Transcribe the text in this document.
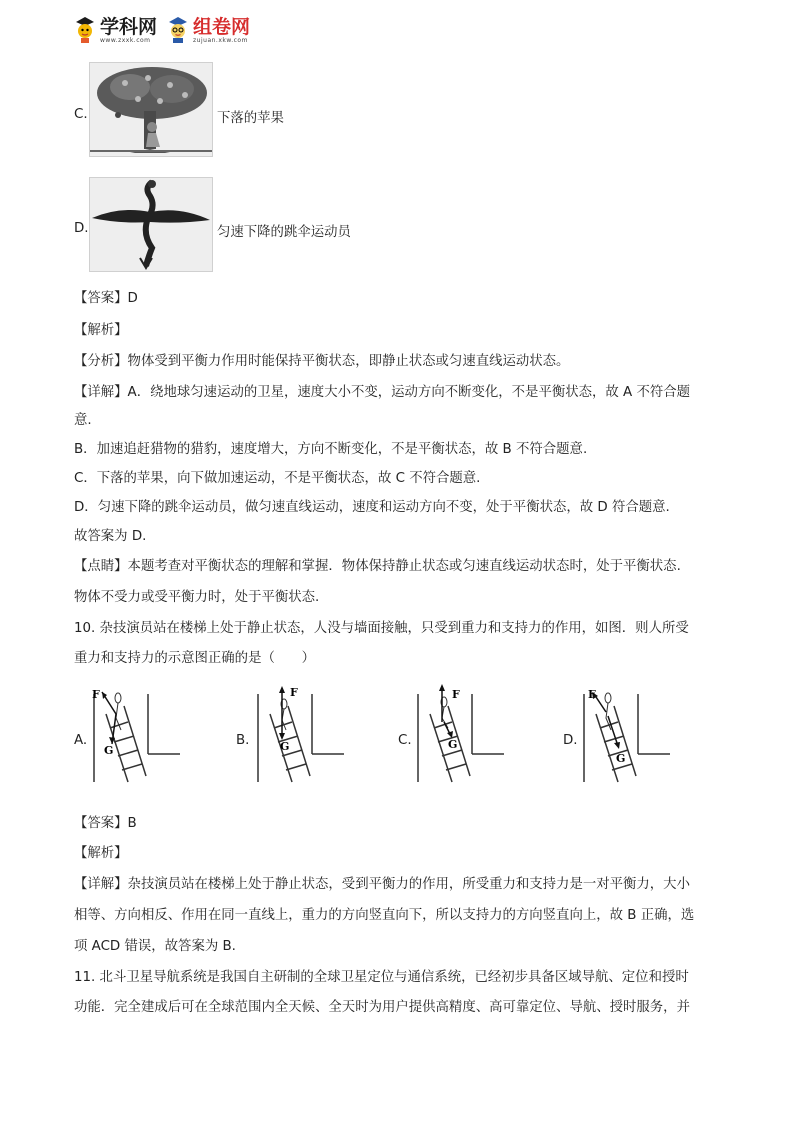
学科网
www.zxxk.com
组卷网
zujuan.xkw.com
C.	下落的苹果
D.	匀速下降的跳伞运动员
【答案】D
【解析】
【分析】物体受到平衡力作用时能保持平衡状态，即静止状态或匀速直线运动状态。
【详解】A．绕地球匀速运动的卫星，速度大小不变，运动方向不断变化，不是平衡状态，故 A 不符合题
意.
B．加速追赶猎物的猎豹，速度增大，方向不断变化，不是平衡状态，故 B 不符合题意.
C．下落的苹果，向下做加速运动，不是平衡状态，故 C 不符合题意.
D．匀速下降的跳伞运动员，做匀速直线运动，速度和运动方向不变，处于平衡状态，故 D 符合题意.
故答案为 D.
【点睛】本题考查对平衡状态的理解和掌握．物体保持静止状态或匀速直线运动状态时，处于平衡状态.
物体不受力或受平衡力时，处于平衡状态.
10. 杂技演员站在楼梯上处于静止状态，人没与墙面接触，只受到重力和支持力的作用，如图．则人所受
重力和支持力的示意图正确的是（　　）
A.
F
G
B.
F
G	C.
F
G	D.
F
G
【答案】B
【解析】
【详解】杂技演员站在楼梯上处于静止状态，受到平衡力的作用，所受重力和支持力是一对平衡力，大小
相等、方向相反、作用在同一直线上，重力的方向竖直向下，所以支持力的方向竖直向上，故 B 正确，选
项 ACD 错误，故答案为 B.
11. 北斗卫星导航系统是我国自主研制的全球卫星定位与通信系统，已经初步具备区域导航、定位和授时
功能．完全建成后可在全球范围内全天候、全天时为用户提供高精度、高可靠定位、导航、授时服务，并
